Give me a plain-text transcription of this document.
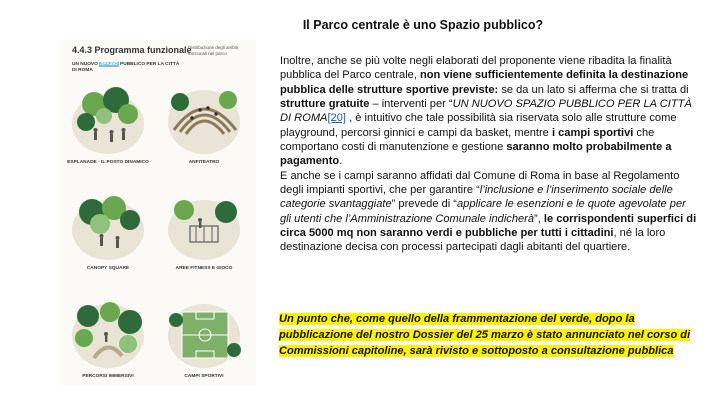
Il Parco centrale è uno Spazio pubblico?
4.4.3 Programma funzionale
Distribuzione degli ambiti funzionali nel parco
UN NUOVO SPAZIO PUBBLICO PER LA CITTÀ DI ROMA
ESPLANADE - IL POSTO DINAMICO	ANFITEATRO
CANOPY SQUARE	AREE FITNESS E GIOCO
PERCORSI IMMERSIVI	CAMPI SPORTIVI

Inoltre, anche se più volte negli elaborati del proponente viene ribadita la finalità pubblica del Parco centrale, non viene sufficientemente definita la destinazione pubblica delle strutture sportive previste: se da un lato si afferma che si tratta di strutture gratuite – interventi per “UN NUOVO SPAZIO PUBBLICO PER LA CITTÀ DI ROMA[20] , è intuitivo che tale possibilità sia riservata solo alle strutture come playground, percorsi ginnici e campi da basket, mentre i campi sportivi che comportano costi di manutenzione e gestione saranno molto probabilmente a pagamento.

E anche se i campi saranno affidati dal Comune di Roma in base al Regolamento degli impianti sportivi, che per garantire “l’inclusione e l’inserimento sociale delle categorie svantaggiate” prevede di “applicare le esenzioni e le quote agevolate per gli utenti che l’Amministrazione Comunale indicherà”, le corrispondenti superfici di circa 5000 mq non saranno verdi e pubbliche per tutti i cittadini, né la loro destinazione decisa con processi partecipati dagli abitanti del quartiere.

Un punto che, come quello della frammentazione del verde, dopo la pubblicazione del nostro Dossier del 25 marzo è stato annunciato nel corso di Commissioni capitoline, sarà rivisto e sottoposto a consultazione pubblica
